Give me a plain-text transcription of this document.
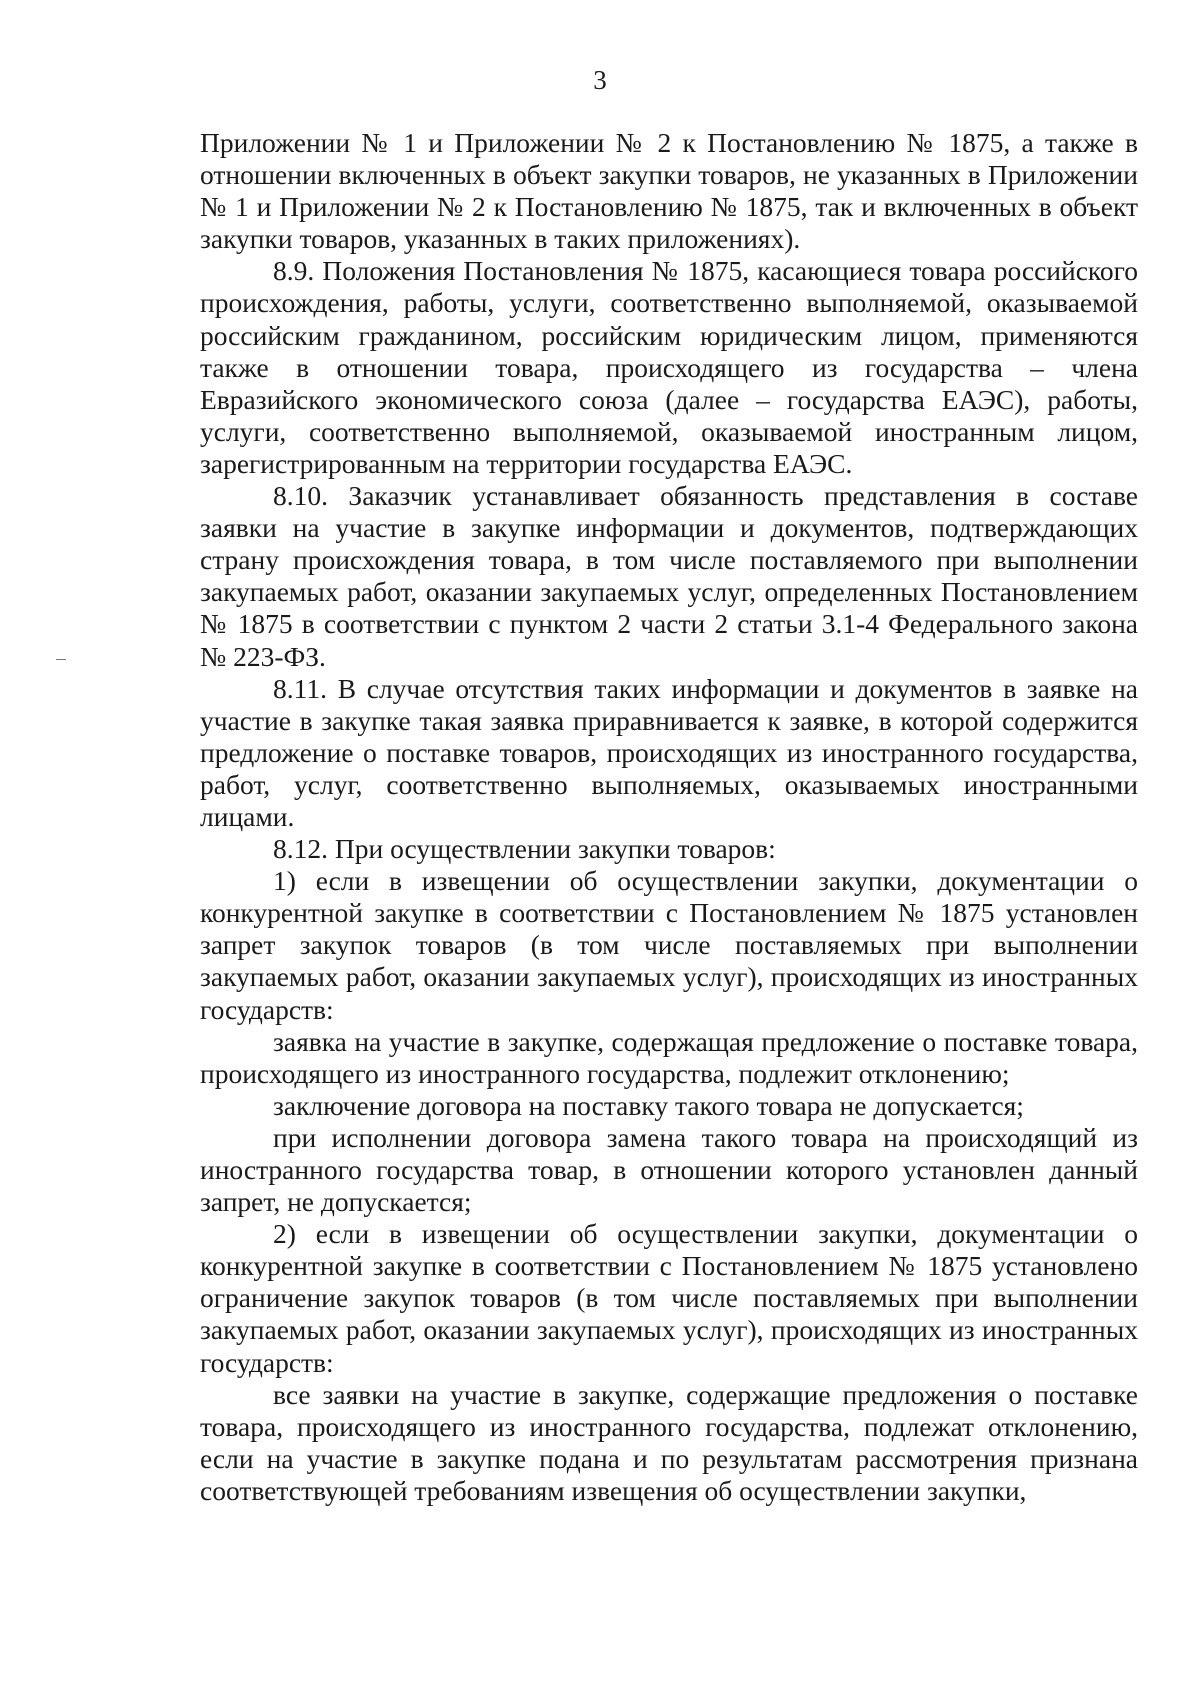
3

Приложении № 1 и Приложении № 2 к Постановлению № 1875, а также в отношении включенных в объект закупки товаров, не указанных в Приложении № 1 и Приложении № 2 к Постановлению № 1875, так и включенных в объект закупки товаров, указанных в таких приложениях).

8.9. Положения Постановления № 1875, касающиеся товара российского происхождения, работы, услуги, соответственно выполняемой, оказываемой российским гражданином, российским юридическим лицом, применяются также в отношении товара, происходящего из государства – члена Евразийского экономического союза (далее – государства ЕАЭС), работы, услуги, соответственно выполняемой, оказываемой иностранным лицом, зарегистрированным на территории государства ЕАЭС.

8.10. Заказчик устанавливает обязанность представления в составе заявки на участие в закупке информации и документов, подтверждающих страну происхождения товара, в том числе поставляемого при выполнении закупаемых работ, оказании закупаемых услуг, определенных Постановлением № 1875 в соответствии с пунктом 2 части 2 статьи 3.1-4 Федерального закона № 223-ФЗ.

8.11. В случае отсутствия таких информации и документов в заявке на участие в закупке такая заявка приравнивается к заявке, в которой содержится предложение о поставке товаров, происходящих из иностранного государства, работ, услуг, соответственно выполняемых, оказываемых иностранными лицами.

8.12. При осуществлении закупки товаров:

1) если в извещении об осуществлении закупки, документации о конкурентной закупке в соответствии с Постановлением № 1875 установлен запрет закупок товаров (в том числе поставляемых при выполнении закупаемых работ, оказании закупаемых услуг), происходящих из иностранных государств:

заявка на участие в закупке, содержащая предложение о поставке товара, происходящего из иностранного государства, подлежит отклонению;

заключение договора на поставку такого товара не допускается;

при исполнении договора замена такого товара на происходящий из иностранного государства товар, в отношении которого установлен данный запрет, не допускается;

2) если в извещении об осуществлении закупки, документации о конкурентной закупке в соответствии с Постановлением № 1875 установлено ограничение закупок товаров (в том числе поставляемых при выполнении закупаемых работ, оказании закупаемых услуг), происходящих из иностранных государств:

все заявки на участие в закупке, содержащие предложения о поставке товара, происходящего из иностранного государства, подлежат отклонению, если на участие в закупке подана и по результатам рассмотрения признана соответствующей требованиям извещения об осуществлении закупки,
